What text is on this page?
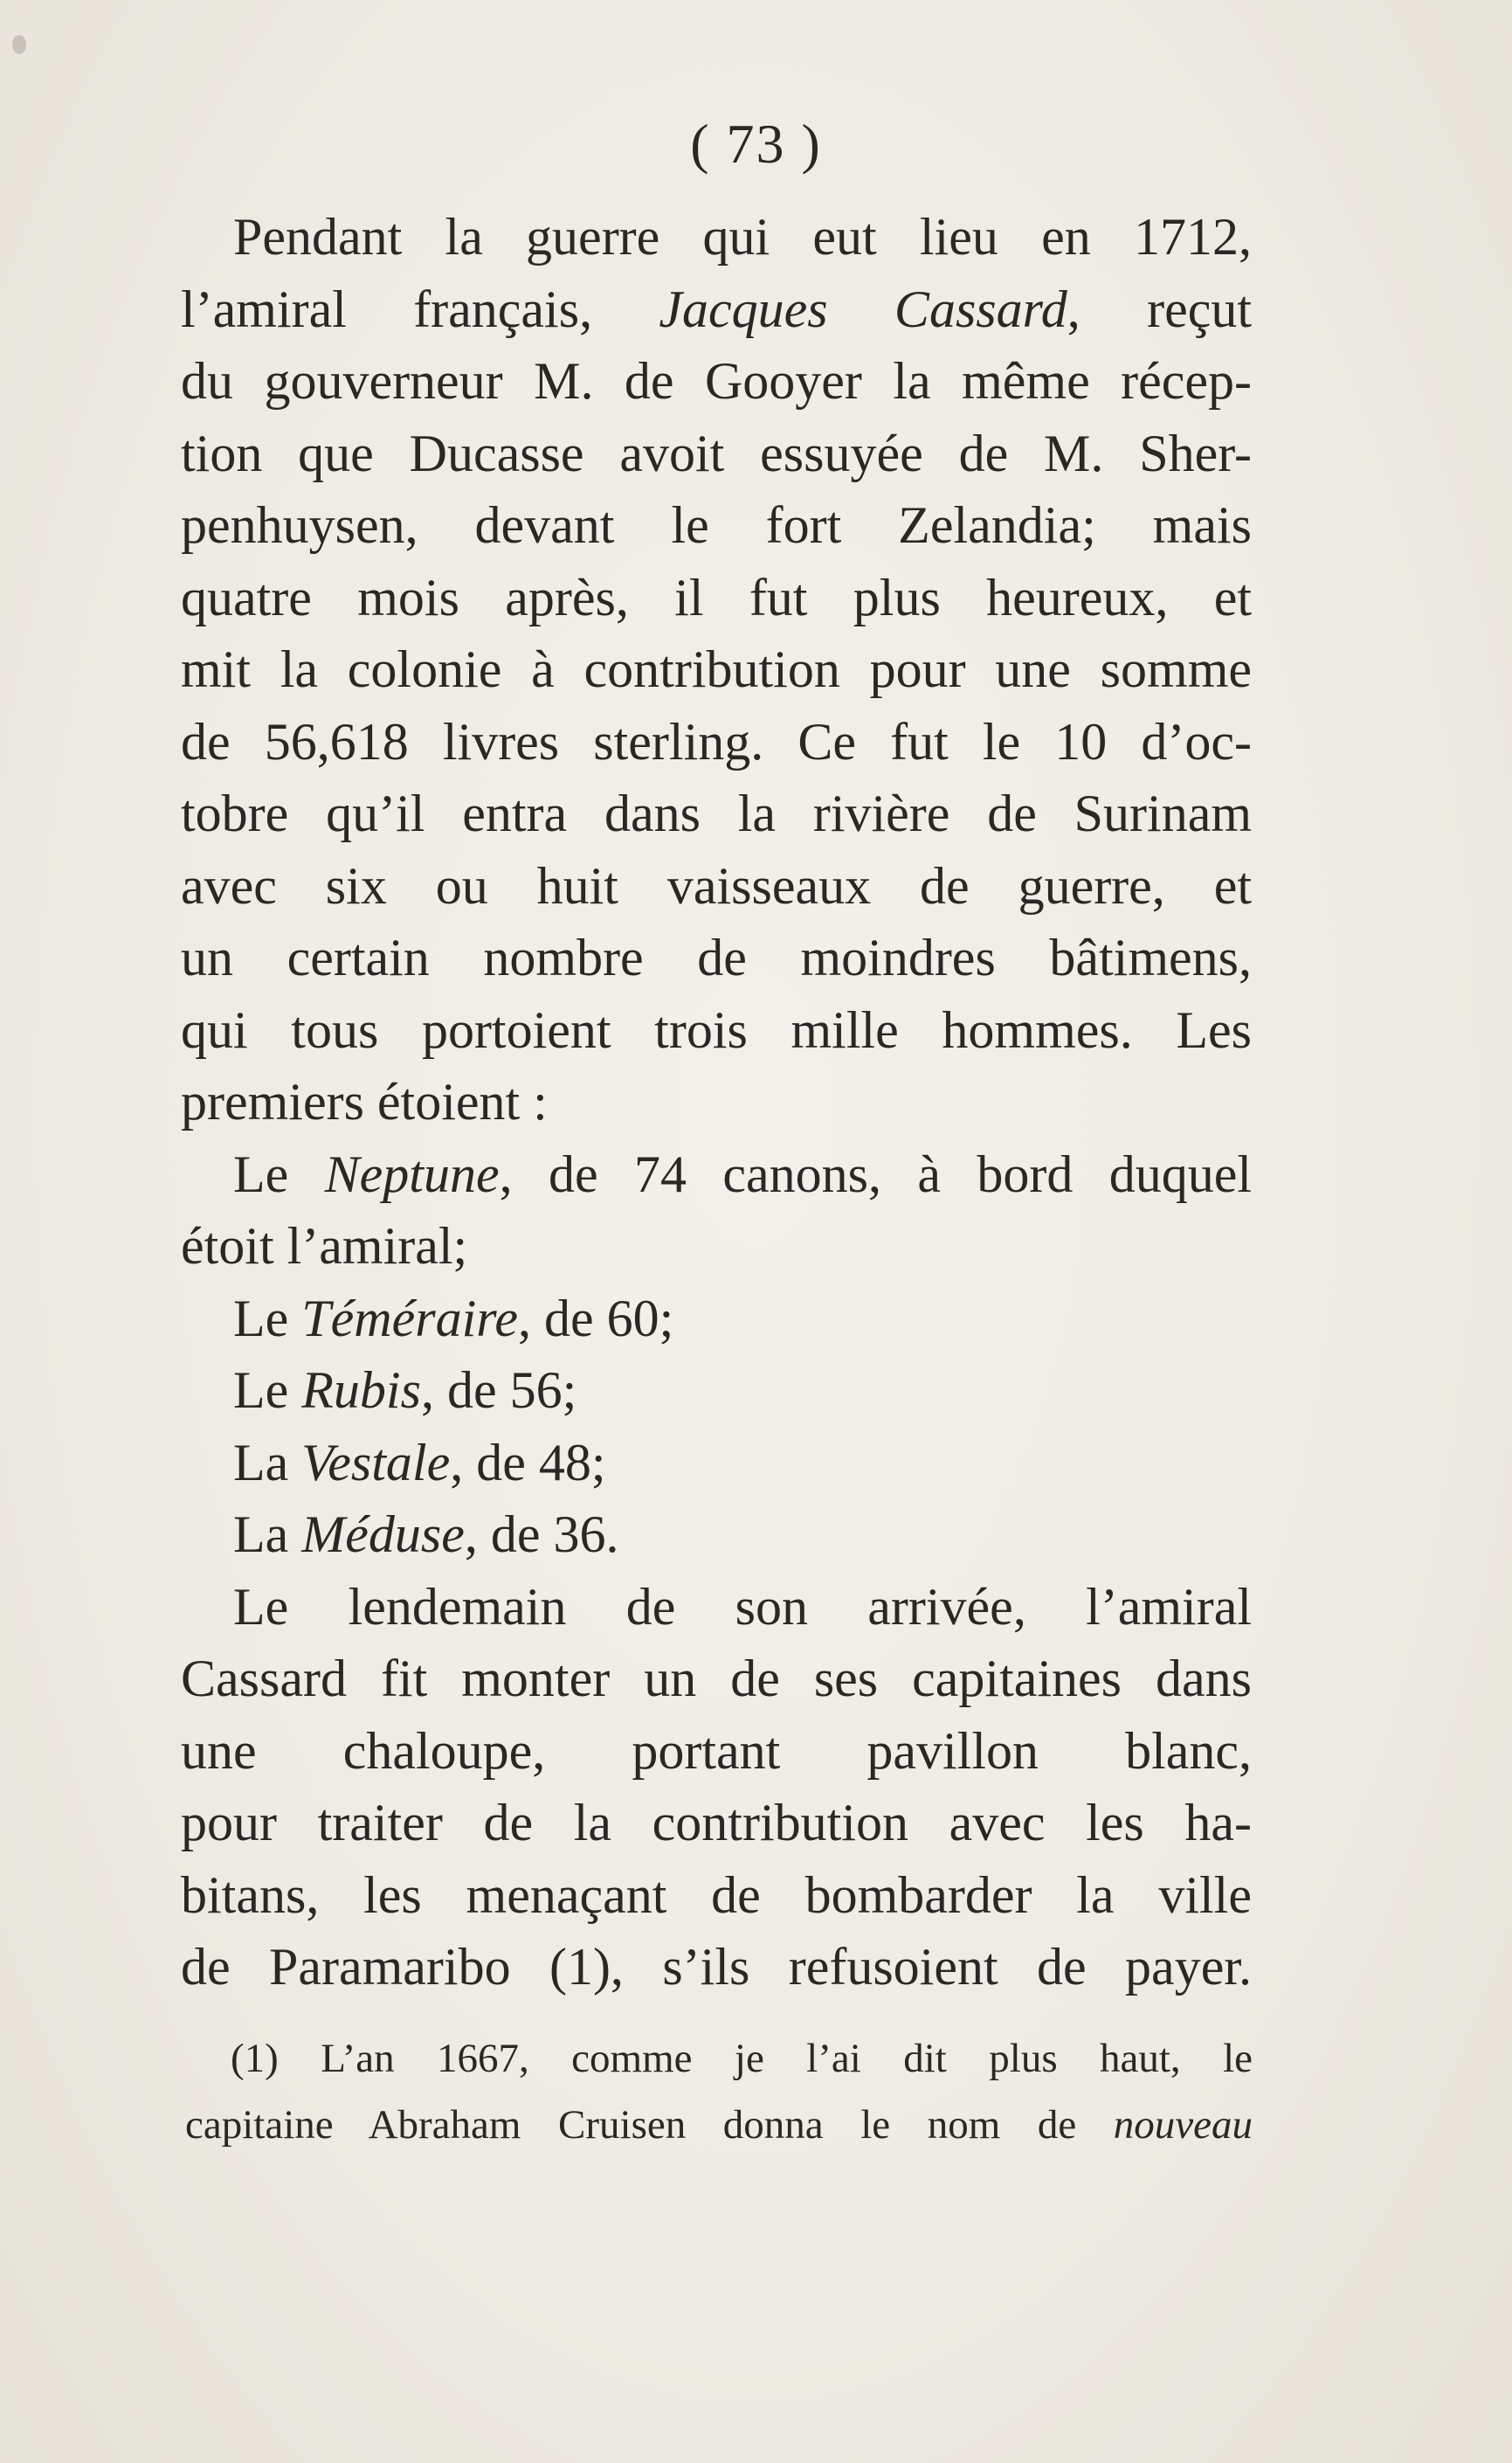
( 73 )
Pendant la guerre qui eut lieu en 1712,
l’amiral français, Jacques Cassard, reçut
du gouverneur M. de Gooyer la même récep-
tion que Ducasse avoit essuyée de M. Sher-
penhuysen, devant le fort Zelandia; mais
quatre mois après, il fut plus heureux, et
mit la colonie à contribution pour une somme
de 56,618 livres sterling. Ce fut le 10 d’oc-
tobre qu’il entra dans la rivière de Surinam
avec six ou huit vaisseaux de guerre, et
un certain nombre de moindres bâtimens,
qui tous portoient trois mille hommes. Les
premiers étoient :
Le Neptune, de 74 canons, à bord duquel
étoit l’amiral;
Le Téméraire, de 60;
Le Rubis, de 56;
La Vestale, de 48;
La Méduse, de 36.
Le lendemain de son arrivée, l’amiral
Cassard fit monter un de ses capitaines dans
une chaloupe, portant pavillon blanc,
pour traiter de la contribution avec les ha-
bitans, les menaçant de bombarder la ville
de Paramaribo (1), s’ils refusoient de payer.
(1) L’an 1667, comme je l’ai dit plus haut, le
capitaine Abraham Cruisen donna le nom de nouveau
